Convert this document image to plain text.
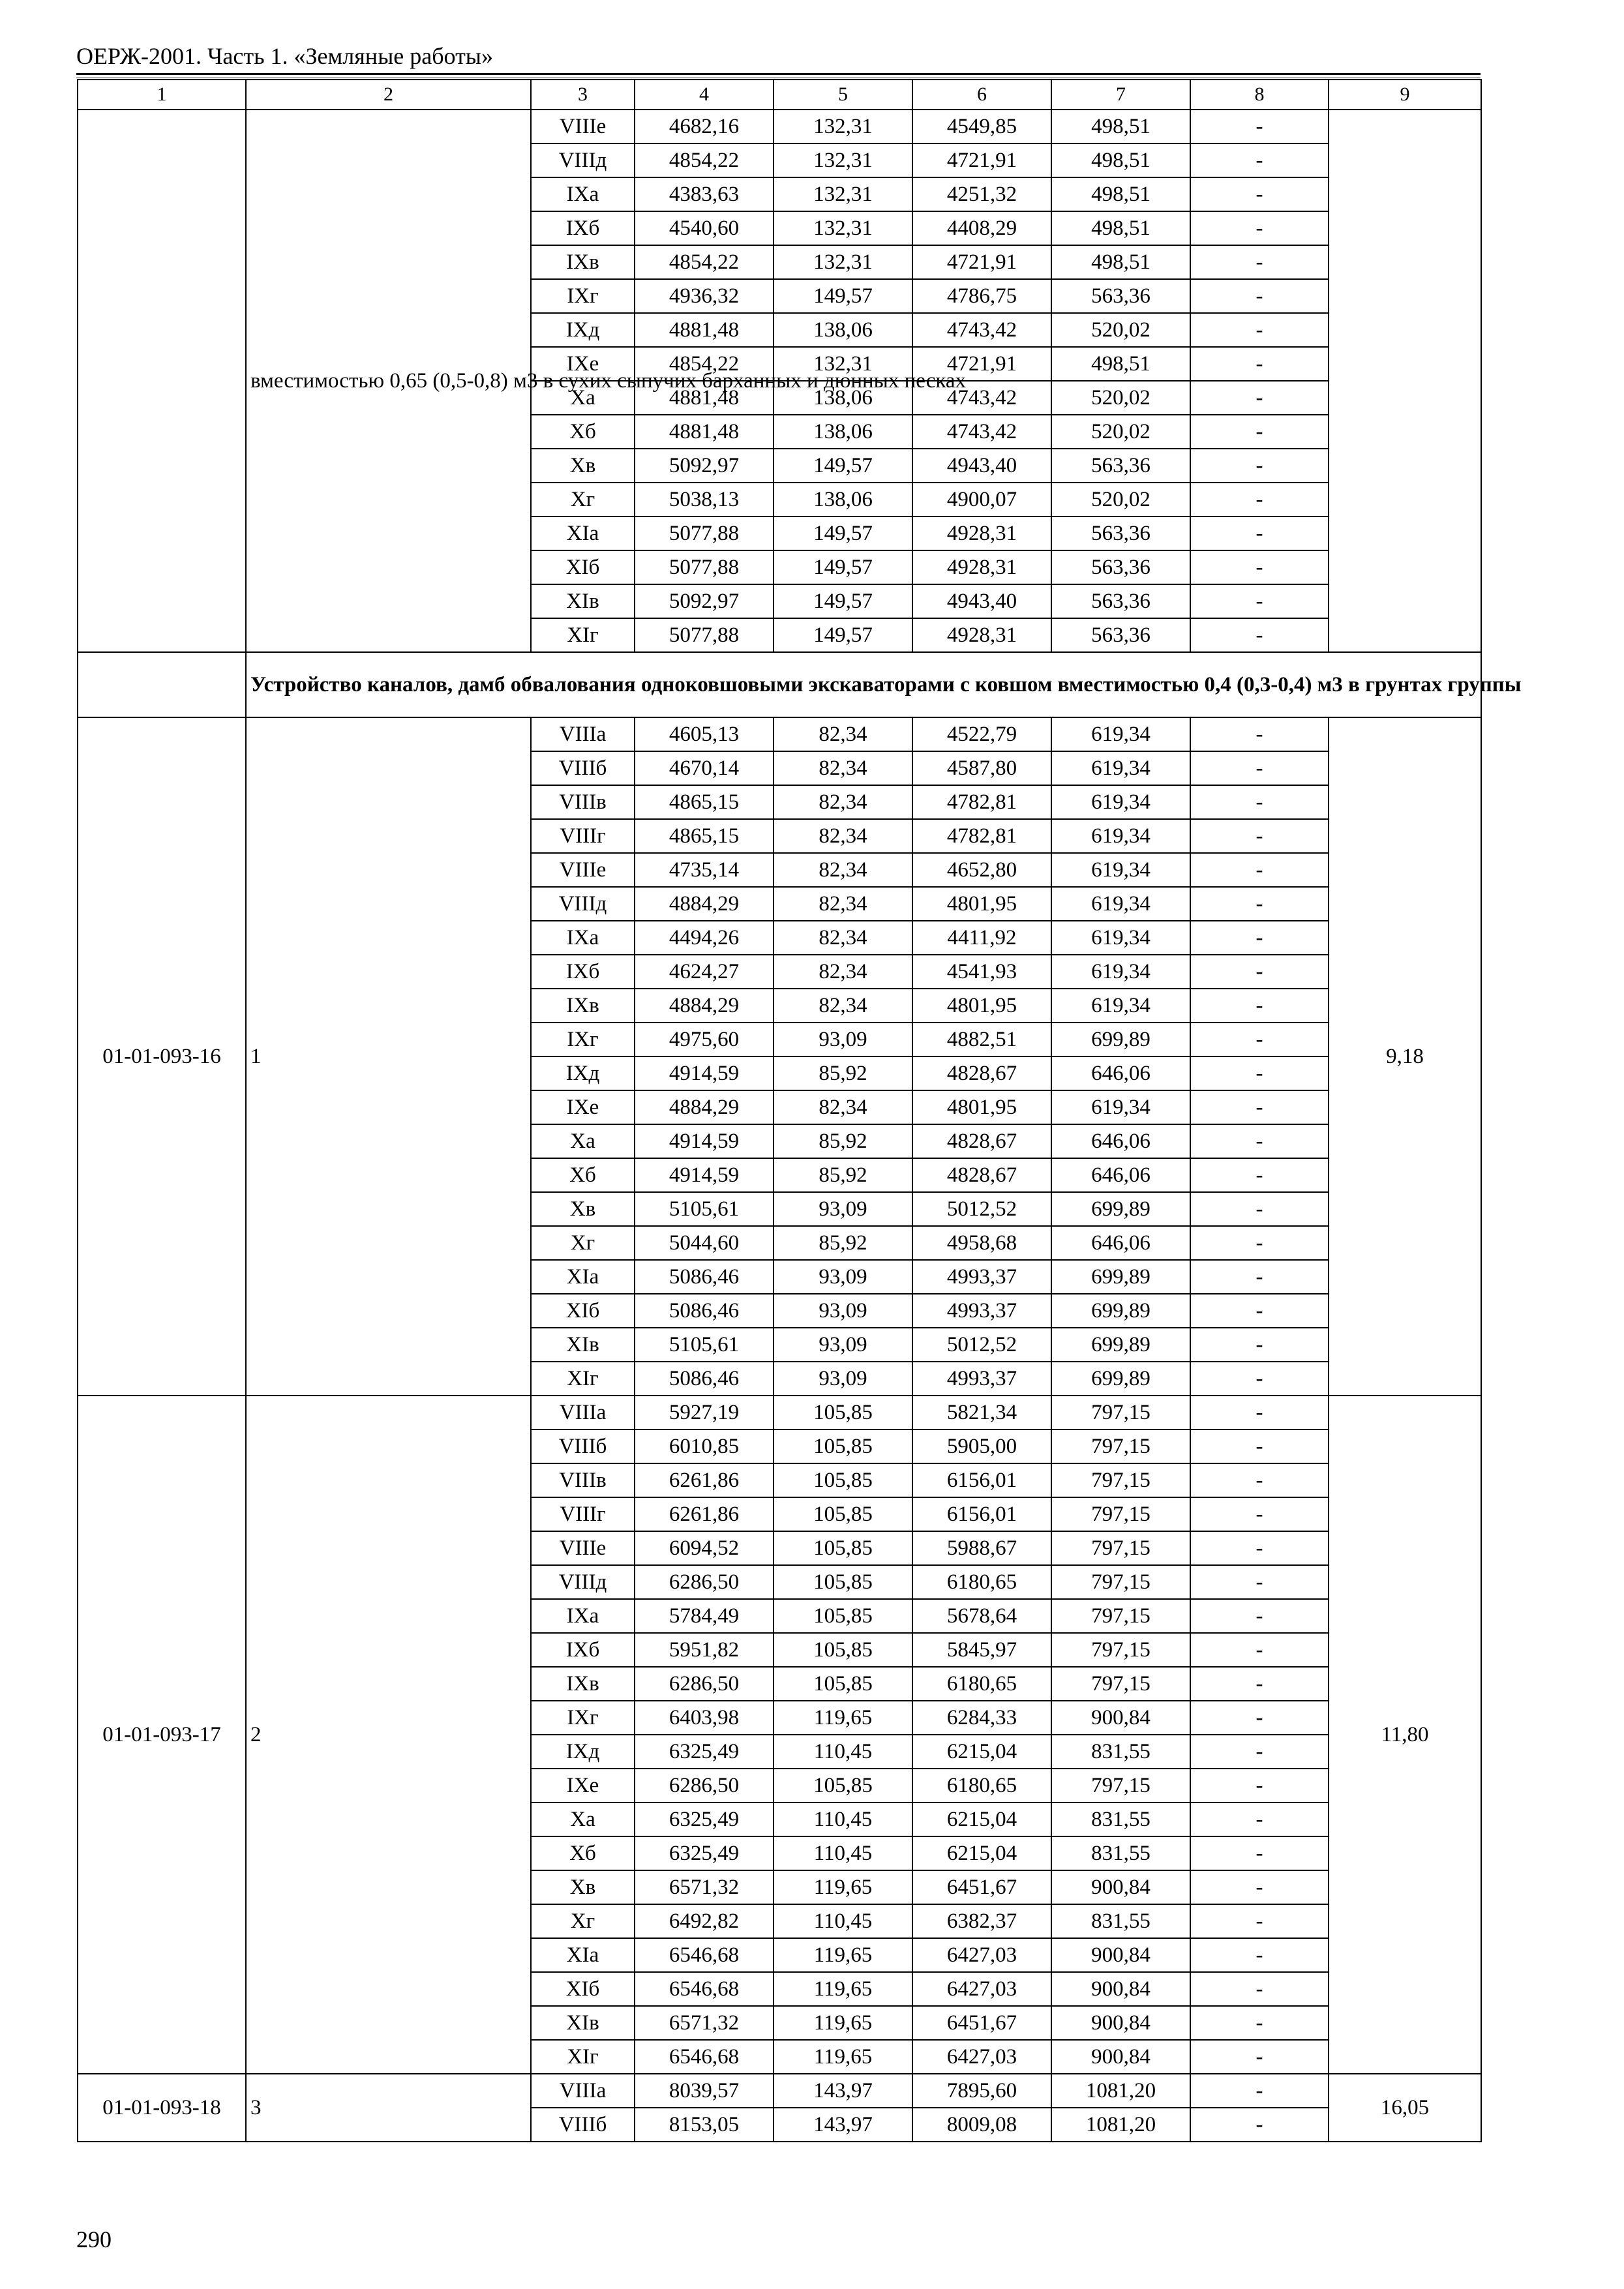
ОЕРЖ-2001. Часть 1. «Земляные работы»
1	2	3	4	5	6	7	8	9
	вместимостью 0,65 (0,5-0,8) м3 в сухих сыпучих барханных и дюнных песках	VIIIе	4682,16	132,31	4549,85	498,51	-	
		VIIIд	4854,22	132,31	4721,91	498,51	-	
		IXa	4383,63	132,31	4251,32	498,51	-	
		IXб	4540,60	132,31	4408,29	498,51	-	
		IXв	4854,22	132,31	4721,91	498,51	-	
		IXг	4936,32	149,57	4786,75	563,36	-	
		IXд	4881,48	138,06	4743,42	520,02	-	
		IXе	4854,22	132,31	4721,91	498,51	-	
		Xa	4881,48	138,06	4743,42	520,02	-	
		Xб	4881,48	138,06	4743,42	520,02	-	
		Xв	5092,97	149,57	4943,40	563,36	-	
		Xг	5038,13	138,06	4900,07	520,02	-	
		XIa	5077,88	149,57	4928,31	563,36	-	
		XIб	5077,88	149,57	4928,31	563,36	-	
		XIв	5092,97	149,57	4943,40	563,36	-	
		XIг	5077,88	149,57	4928,31	563,36	-	
	Устройство каналов, дамб обвалования одноковшовыми экскаваторами с ковшом вместимостью 0,4 (0,3-0,4) м3 в грунтах группы							
01-01-093-16	1	VIIIa	4605,13	82,34	4522,79	619,34	-	9,18
		VIIIб	4670,14	82,34	4587,80	619,34	-	
		VIIIв	4865,15	82,34	4782,81	619,34	-	
		VIIIг	4865,15	82,34	4782,81	619,34	-	
		VIIIе	4735,14	82,34	4652,80	619,34	-	
		VIIIд	4884,29	82,34	4801,95	619,34	-	
		IXa	4494,26	82,34	4411,92	619,34	-	
		IXб	4624,27	82,34	4541,93	619,34	-	
		IXв	4884,29	82,34	4801,95	619,34	-	
		IXг	4975,60	93,09	4882,51	699,89	-	
		IXд	4914,59	85,92	4828,67	646,06	-	
		IXе	4884,29	82,34	4801,95	619,34	-	
		Xa	4914,59	85,92	4828,67	646,06	-	
		Xб	4914,59	85,92	4828,67	646,06	-	
		Xв	5105,61	93,09	5012,52	699,89	-	
		Xг	5044,60	85,92	4958,68	646,06	-	
		XIa	5086,46	93,09	4993,37	699,89	-	
		XIб	5086,46	93,09	4993,37	699,89	-	
		XIв	5105,61	93,09	5012,52	699,89	-	
		XIг	5086,46	93,09	4993,37	699,89	-	
01-01-093-17	2	VIIIa	5927,19	105,85	5821,34	797,15	-	11,80
		VIIIб	6010,85	105,85	5905,00	797,15	-	
		VIIIв	6261,86	105,85	6156,01	797,15	-	
		VIIIг	6261,86	105,85	6156,01	797,15	-	
		VIIIе	6094,52	105,85	5988,67	797,15	-	
		VIIIд	6286,50	105,85	6180,65	797,15	-	
		IXa	5784,49	105,85	5678,64	797,15	-	
		IXб	5951,82	105,85	5845,97	797,15	-	
		IXв	6286,50	105,85	6180,65	797,15	-	
		IXг	6403,98	119,65	6284,33	900,84	-	
		IXд	6325,49	110,45	6215,04	831,55	-	
		IXе	6286,50	105,85	6180,65	797,15	-	
		Xa	6325,49	110,45	6215,04	831,55	-	
		Xб	6325,49	110,45	6215,04	831,55	-	
		Xв	6571,32	119,65	6451,67	900,84	-	
		Xг	6492,82	110,45	6382,37	831,55	-	
		XIa	6546,68	119,65	6427,03	900,84	-	
		XIб	6546,68	119,65	6427,03	900,84	-	
		XIв	6571,32	119,65	6451,67	900,84	-	
		XIг	6546,68	119,65	6427,03	900,84	-	
01-01-093-18	3	VIIIa	8039,57	143,97	7895,60	1081,20	-	16,05
		VIIIб	8153,05	143,97	8009,08	1081,20	-	
290
